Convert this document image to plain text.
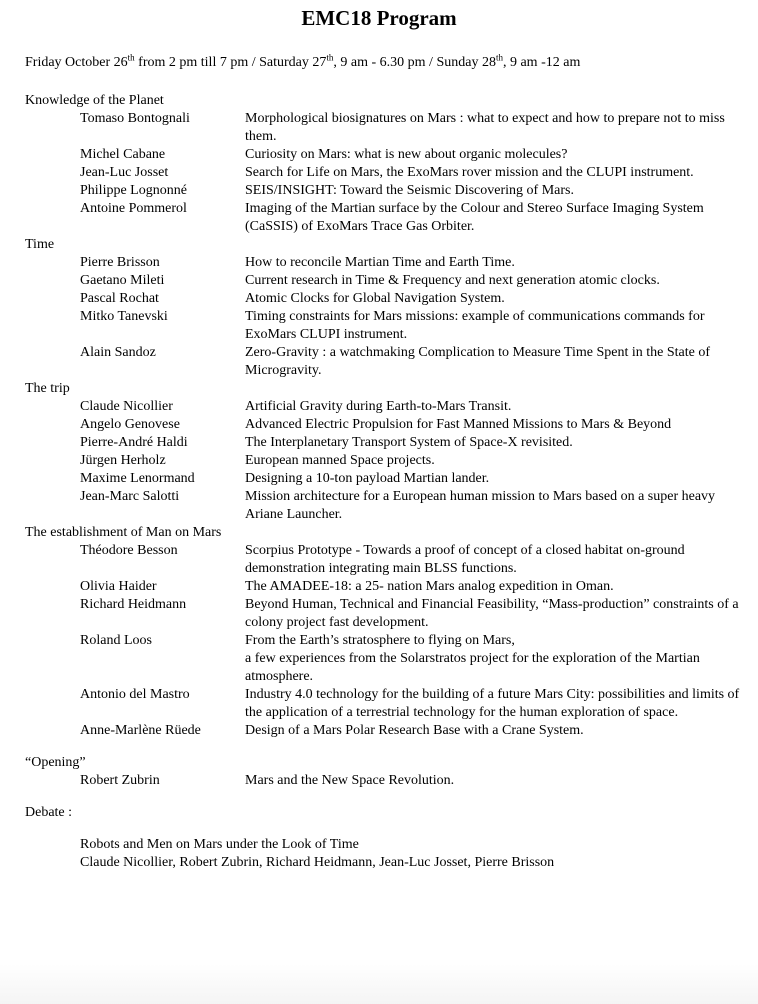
EMC18 Program
Friday October 26th from 2 pm till 7 pm / Saturday 27th, 9 am - 6.30 pm / Sunday 28th, 9 am -12 am
Knowledge of the Planet
Tomaso Bontognali	Morphological biosignatures on Mars : what to expect and how to prepare not to miss them.
Michel Cabane	Curiosity on Mars: what is new about organic molecules?
Jean-Luc Josset	Search for Life on Mars, the ExoMars rover mission and the CLUPI instrument.
Philippe Lognonné	SEIS/INSIGHT: Toward the Seismic Discovering of Mars.
Antoine Pommerol	Imaging of the Martian surface by the Colour and Stereo Surface Imaging System (CaSSIS) of ExoMars Trace Gas Orbiter.
Time
Pierre Brisson	How to reconcile Martian Time and Earth Time.
Gaetano Mileti	Current research in Time & Frequency and next generation atomic clocks.
Pascal Rochat	Atomic Clocks for Global Navigation System.
Mitko Tanevski	Timing constraints for Mars missions: example of communications commands for ExoMars CLUPI instrument.
Alain Sandoz	Zero-Gravity : a watchmaking Complication to Measure Time Spent in the State of Microgravity.
The trip
Claude Nicollier	Artificial Gravity during Earth-to-Mars Transit.
Angelo Genovese	Advanced Electric Propulsion for Fast Manned Missions to Mars & Beyond
Pierre-André Haldi	The Interplanetary Transport System of Space-X revisited.
Jürgen Herholz	European manned Space projects.
Maxime Lenormand	Designing a 10-ton payload Martian lander.
Jean-Marc Salotti	Mission architecture for a European human mission to Mars based on a super heavy Ariane Launcher.
The establishment of Man on Mars
Théodore Besson	Scorpius Prototype - Towards a proof of concept of a closed habitat on-ground demonstration integrating main BLSS functions.
Olivia Haider	The AMADEE-18: a 25- nation Mars analog expedition in Oman.
Richard Heidmann	Beyond Human, Technical and Financial Feasibility, “Mass-production” constraints of a colony project fast development.
Roland Loos	From the Earth’s stratosphere to flying on Mars,
a few experiences from the Solarstratos project for the exploration of the Martian atmosphere.
Antonio del Mastro	Industry 4.0 technology for the building of a future Mars City: possibilities and limits of the application of a terrestrial technology for the human exploration of space.
Anne-Marlène Rüede	Design of a Mars Polar Research Base with a Crane System.
“Opening”
Robert Zubrin	Mars and the New Space Revolution.
Debate :
Robots and Men on Mars under the Look of Time
Claude Nicollier, Robert Zubrin, Richard Heidmann, Jean-Luc Josset, Pierre Brisson
